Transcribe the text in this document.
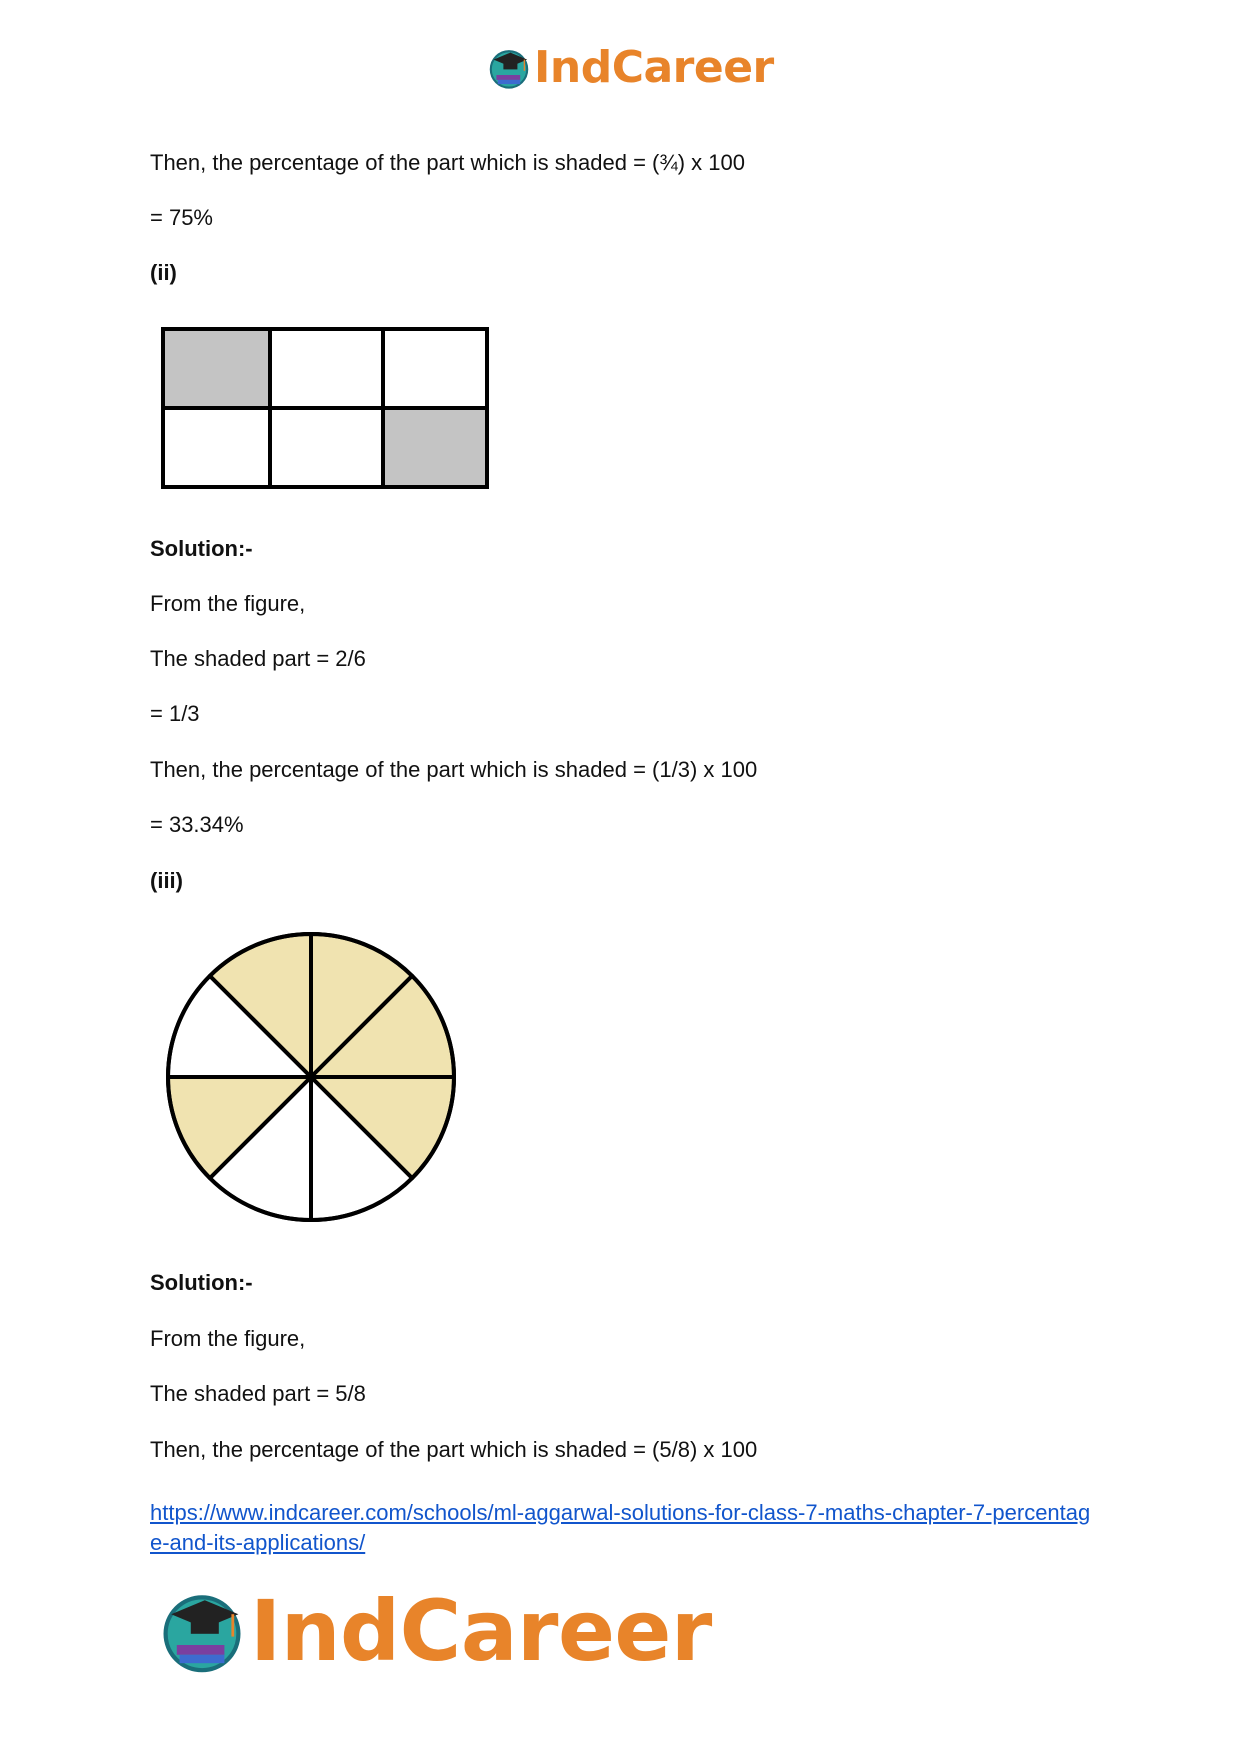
IndCareer
Then, the percentage of the part which is shaded = (¾) x 100
= 75%
(ii)
Solution:-
From the figure,
The shaded part = 2/6
= 1/3
Then, the percentage of the part which is shaded = (1/3) x 100
= 33.34%
(iii)
Solution:-
From the figure,
The shaded part = 5/8
Then, the percentage of the part which is shaded = (5/8) x 100
https://www.indcareer.com/schools/ml-aggarwal-solutions-for-class-7-maths-chapter-7-percentage-and-its-applications/
IndCareer
